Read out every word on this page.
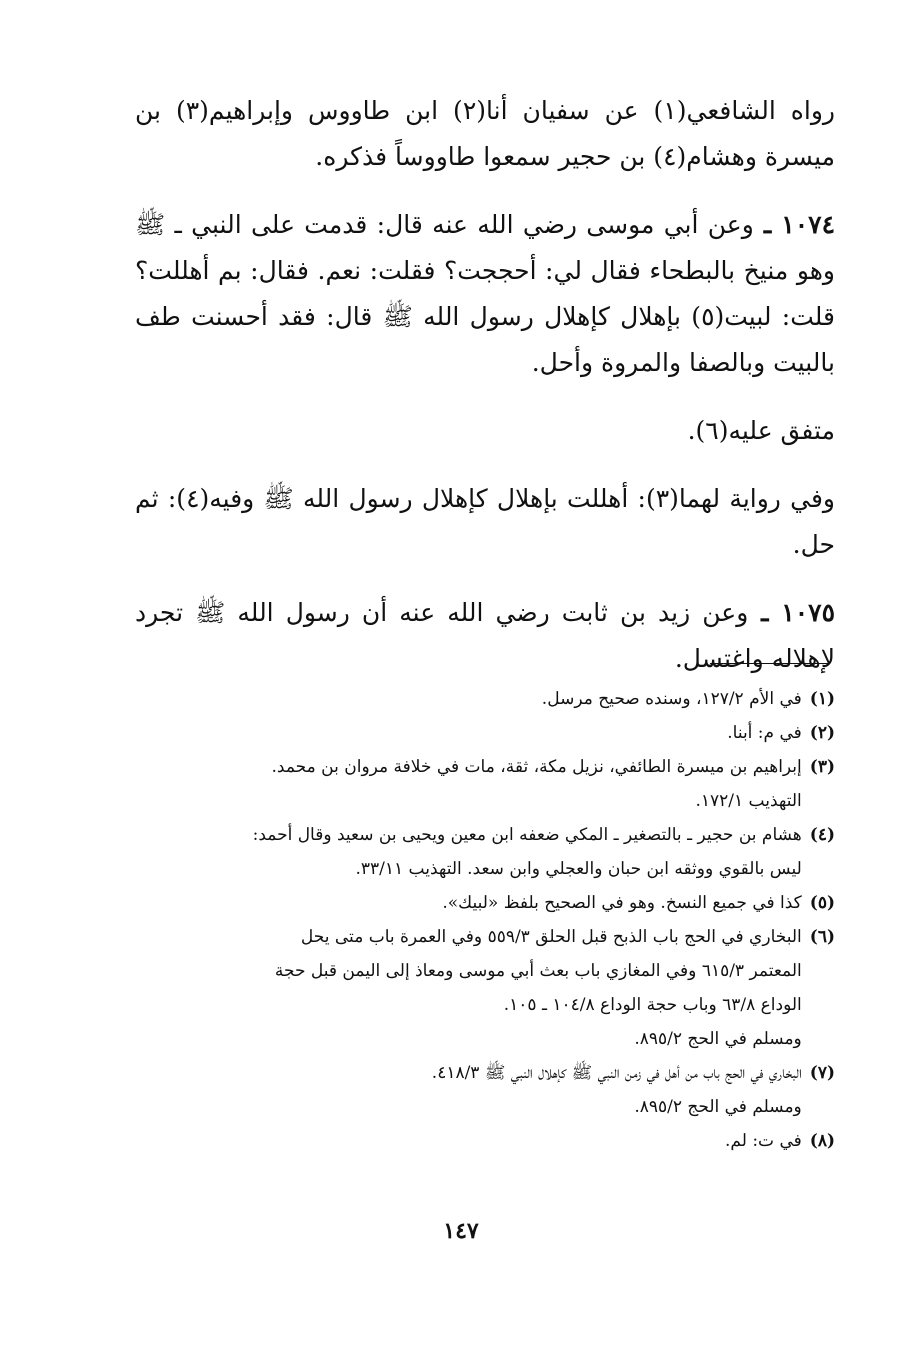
رواه الشافعي(١) عن سفيان أنا(٢) ابن طاووس وإبراهيم(٣) بن ميسرة وهشام(٤) بن حجير سمعوا طاووساً فذكره.

١٠٧٤ ـ وعن أبي موسى رضي الله عنه قال: قدمت على النبي ـ ﷺ وهو منيخ بالبطحاء فقال لي: أحججت؟ فقلت: نعم. فقال: بم أهللت؟ قلت: لبيت(٥) بإهلال كإهلال رسول الله ﷺ قال: فقد أحسنت طف بالبيت وبالصفا والمروة وأحل.

متفق عليه(٦).

وفي رواية لهما(٣): أهللت بإهلال كإهلال رسول الله ﷺ وفيه(٤): ثم حل.

١٠٧٥ ـ وعن زيد بن ثابت رضي الله عنه أن رسول الله ﷺ تجرد لإهلاله واغتسل.

(١)
في الأم ١٢٧/٢، وسنده صحيح مرسل.
(٢)
في م: أبنا.
(٣)
إبراهيم بن ميسرة الطائفي، نزيل مكة، ثقة، مات في خلافة مروان بن محمد.
التهذيب ١٧٢/١.
(٤)
هشام بن حجير ـ بالتصغير ـ المكي ضعفه ابن معين ويحيى بن سعيد وقال أحمد:
ليس بالقوي ووثقه ابن حبان والعجلي وابن سعد. التهذيب ٣٣/١١.
(٥)
كذا في جميع النسخ. وهو في الصحيح بلفظ «لبيك».
(٦)
البخاري في الحج باب الذبح قبل الحلق ٥٥٩/٣ وفي العمرة باب متى يحل
المعتمر ٦١٥/٣ وفي المغازي باب بعث أبي موسى ومعاذ إلى اليمن قبل حجة
الوداع ٦٣/٨ وباب حجة الوداع ١٠٤/٨ ـ ١٠٥.
ومسلم في الحج ٨٩٥/٢.
(٧)
البخاري في الحج باب من أهل في زمن النبي ﷺ كإهلال النبي ﷺ ٤١٨/٣.
ومسلم في الحج ٨٩٥/٢.
(٨)
في ت: لم.
١٤٧
